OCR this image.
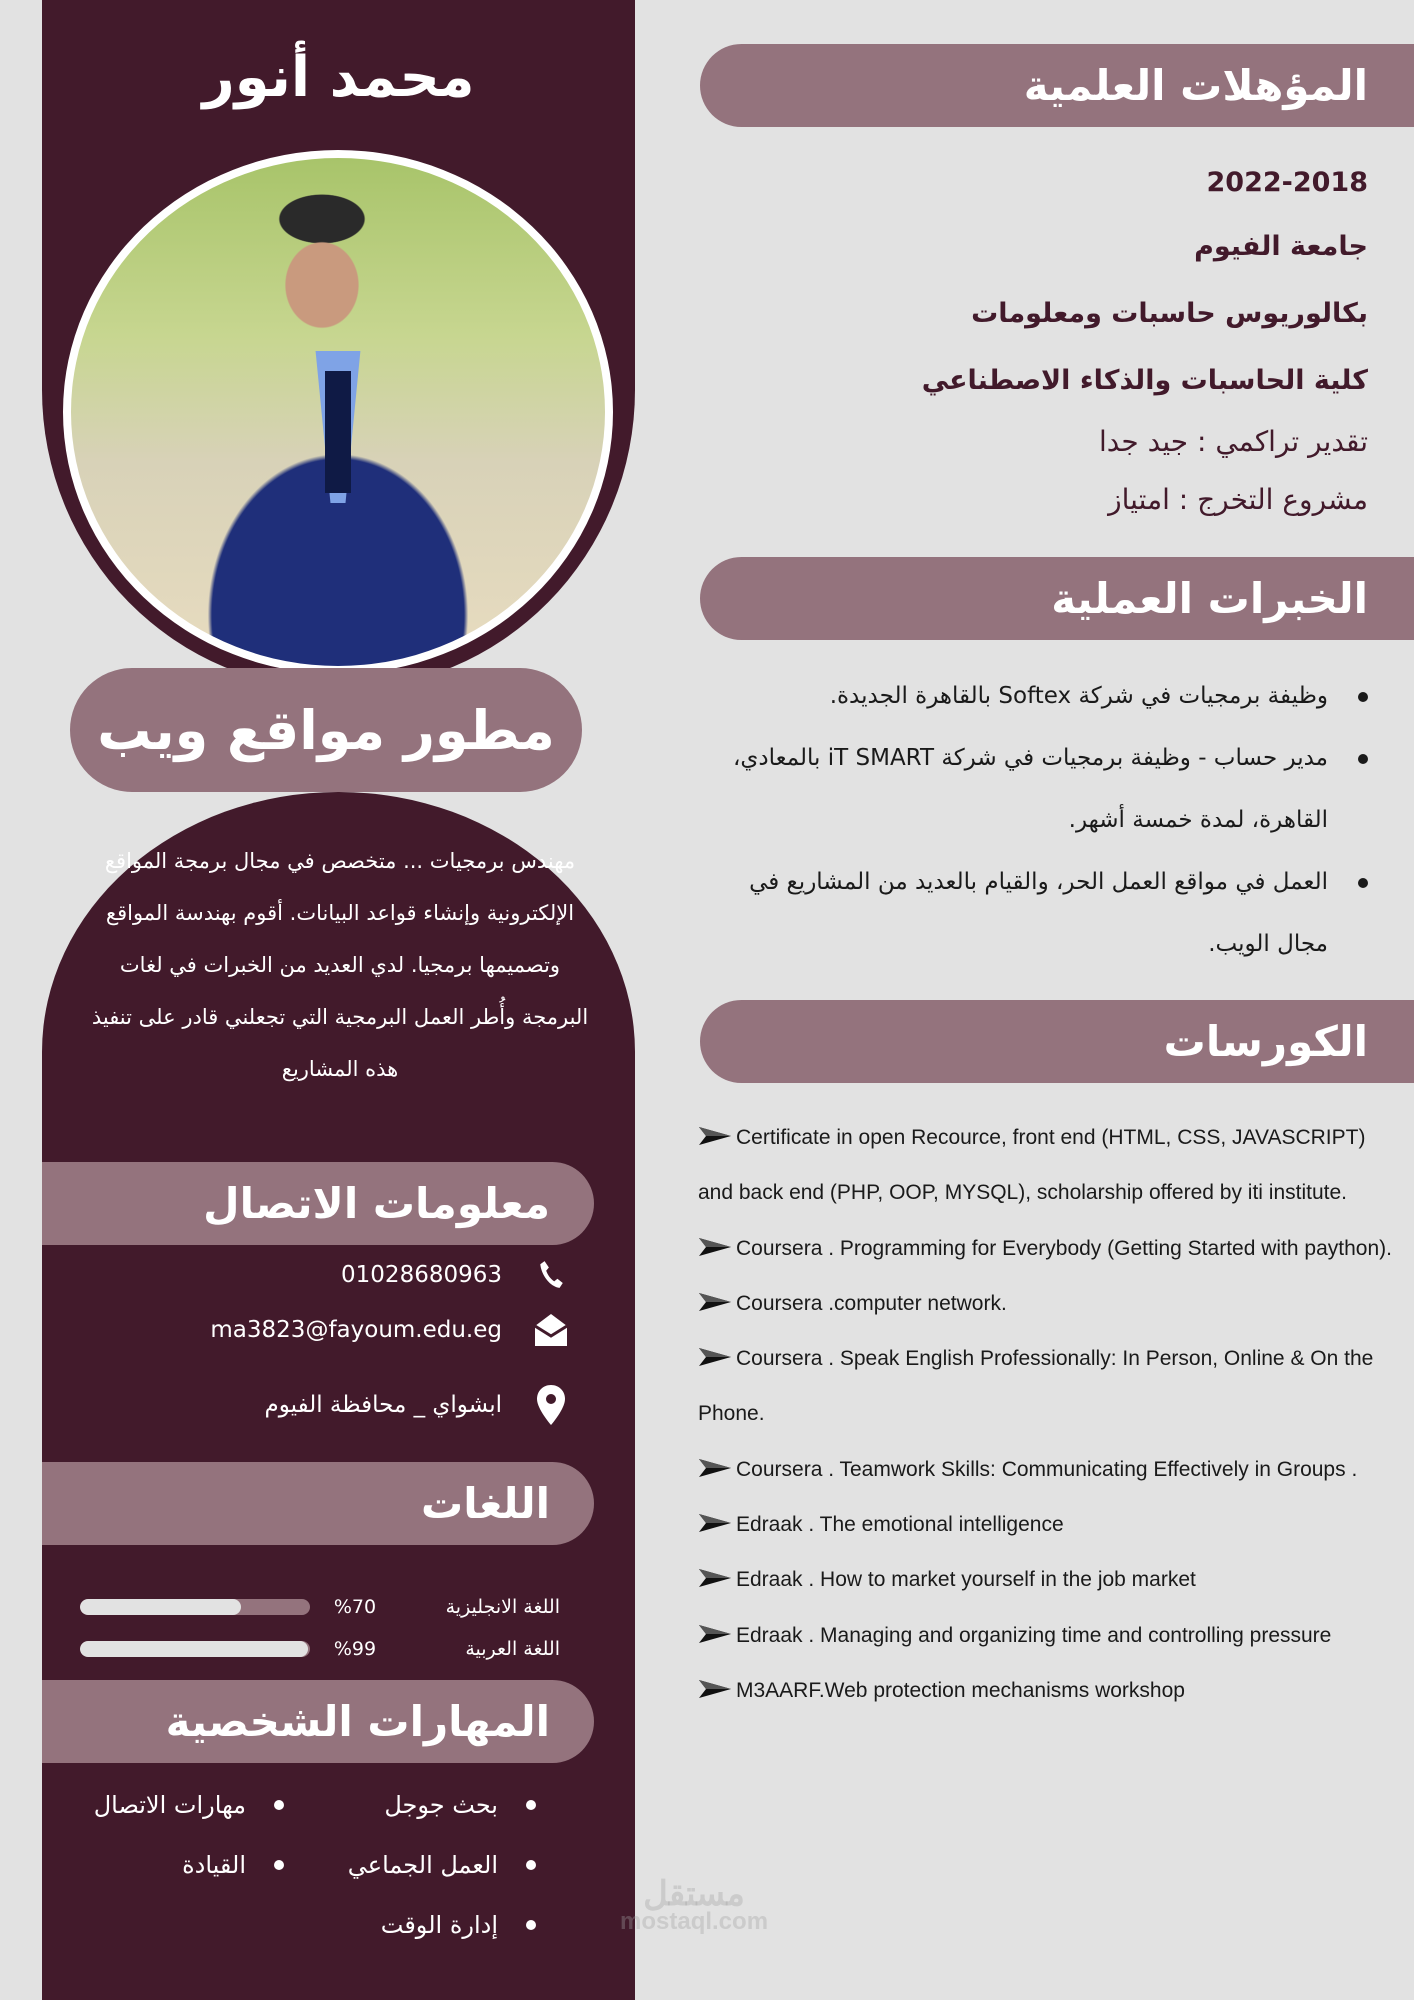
محمد أنور
مطور مواقع ويب
مهندس برمجيات ... متخصص في مجال برمجة المواقع الإلكترونية وإنشاء قواعد البيانات. أقوم بهندسة المواقع وتصميمها برمجيا. لدي العديد من الخبرات في لغات البرمجة وأُطر العمل البرمجية التي تجعلني قادر على تنفيذ هذه المشاريع
معلومات الاتصال
01028680963
ma3823@fayoum.edu.eg
ابشواي _ محافظة الفيوم
اللغات
%70	اللغة الانجليزية
%99	اللغة العربية
المهارات الشخصية
بحث جوجل
العمل الجماعي
إدارة الوقت
مهارات الاتصال
القيادة
المؤهلات العلمية
2022-2018
جامعة الفيوم
بكالوريوس حاسبات ومعلومات
كلية الحاسبات والذكاء الاصطناعي
تقدير تراكمي : جيد جدا
مشروع التخرج : امتياز
الخبرات العملية
وظيفة برمجيات في شركة Softex بالقاهرة الجديدة.
مدير حساب - وظيفة برمجيات في شركة iT SMART بالمعادي، القاهرة، لمدة خمسة أشهر.
العمل في مواقع العمل الحر، والقيام بالعديد من المشاريع في مجال الويب.
الكورسات
Certificate in open Recource, front end (HTML, CSS, JAVASCRIPT) and back end (PHP, OOP, MYSQL), scholarship offered by iti institute.
Coursera . Programming for Everybody (Getting Started with paython).
Coursera .computer network.
Coursera . Speak English Professionally: In Person, Online & On the Phone.
Coursera . Teamwork Skills: Communicating Effectively in Groups .
Edraak . The emotional intelligence
Edraak . How to market yourself in the job market
Edraak . Managing and organizing time and controlling pressure
M3AARF.Web protection mechanisms workshop
مستقل
mostaql.com
